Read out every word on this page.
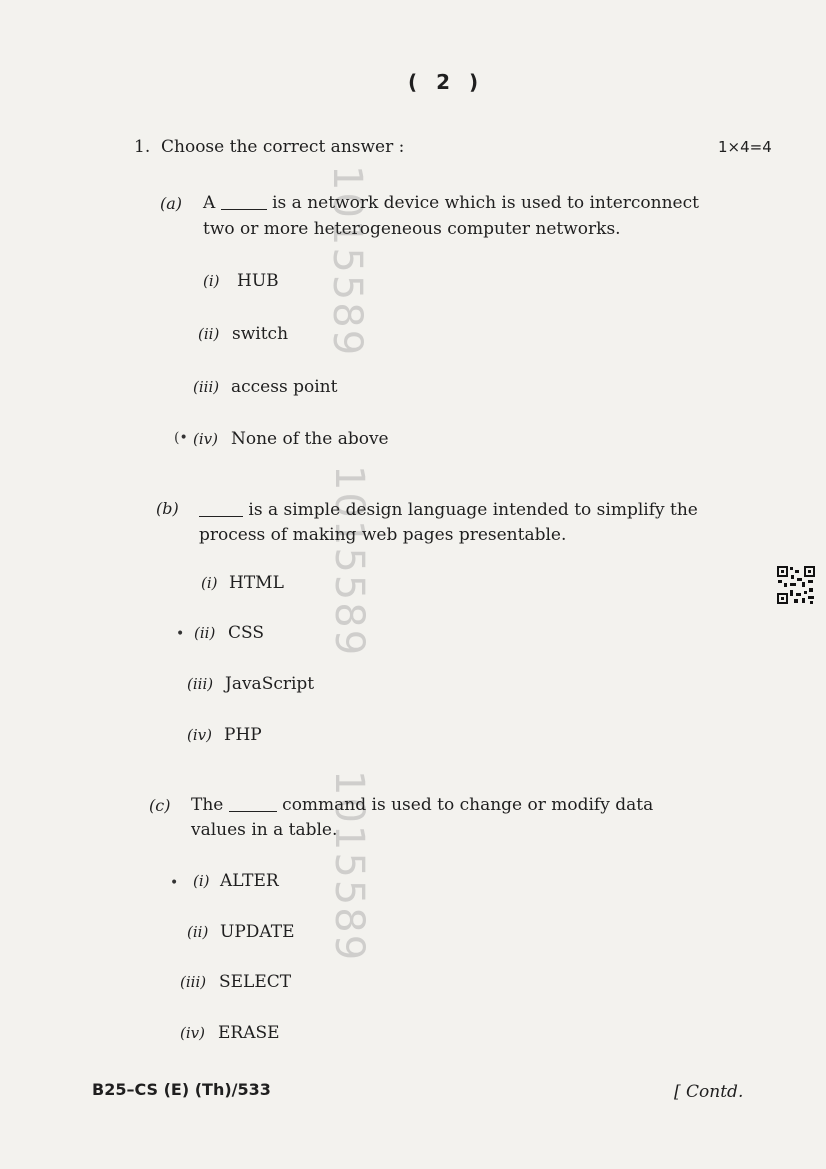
1015589
1015589
1015589
( 2 )
1. Choose the correct answer :	1×4=4
(a) A	is a network device which is used to interconnect
two or more heterogeneous computer networks.
(i) HUB
(ii) switch
(iii) access point
(• (iv) None of the above
(b)	is a simple design language intended to simplify the
process of making web pages presentable.
(i) HTML
• (ii) CSS
(iii) JavaScript
(iv) PHP
(c) The	command is used to change or modify data
values in a table.
• (i) ALTER
(ii) UPDATE
(iii) SELECT
(iv) ERASE
B25–CS (E) (Th)/533	[ Contd.
